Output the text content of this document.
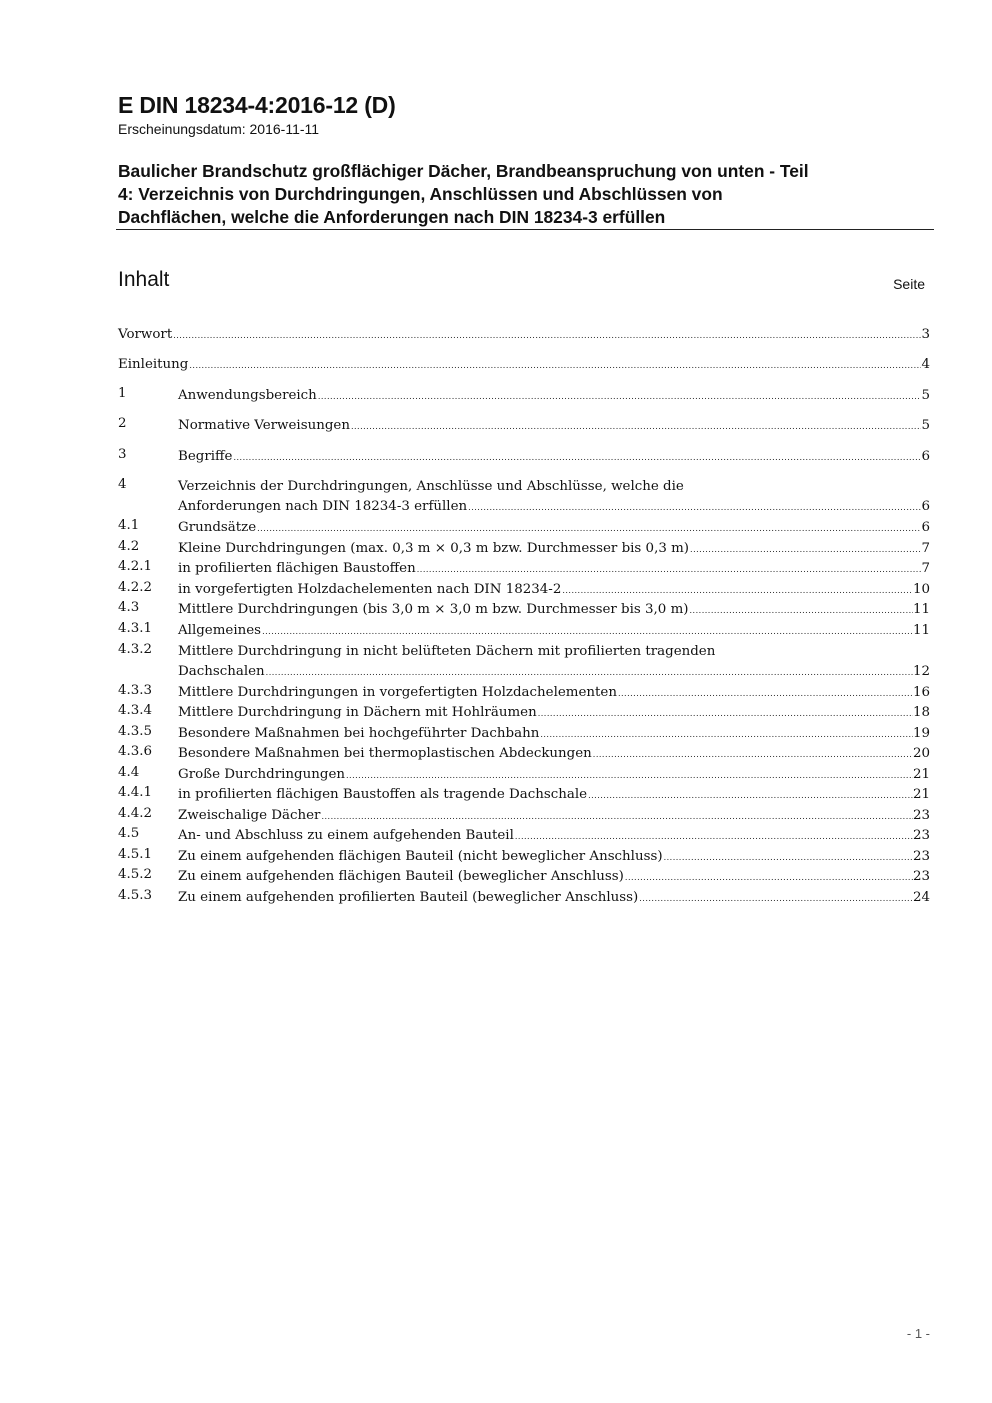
E DIN 18234-4:2016-12 (D)
Erscheinungsdatum: 2016-11-11
Baulicher Brandschutz großflächiger Dächer, Brandbeanspruchung von unten - Teil
4: Verzeichnis von Durchdringungen, Anschlüssen und Abschlüssen von
Dachflächen, welche die Anforderungen nach DIN 18234-3 erfüllen
Inhalt	Seite
Vorwort .....	3
Einleitung .....	4
1	Anwendungsbereich .....	5
2	Normative Verweisungen .....	5
3	Begriffe .....	6
4	Verzeichnis der Durchdringungen, Anschlüsse und Abschlüsse, welche die
Anforderungen nach DIN 18234-3 erfüllen .....	6
4.1	Grundsätze .....	6
4.2	Kleine Durchdringungen (max. 0,3 m × 0,3 m bzw. Durchmesser bis 0,3 m) .....	7
4.2.1 in profilierten flächigen Baustoffen .....	7
4.2.2 in vorgefertigten Holzdachelementen nach DIN 18234-2 .....	10
4.3	Mittlere Durchdringungen (bis 3,0 m × 3,0 m bzw. Durchmesser bis 3,0 m) .....	11
4.3.1 Allgemeines .....	11
4.3.2 Mittlere Durchdringung in nicht belüfteten Dächern mit profilierten tragenden
Dachschalen .....	12
4.3.3 Mittlere Durchdringungen in vorgefertigten Holzdachelementen .....	16
4.3.4 Mittlere Durchdringung in Dächern mit Hohlräumen .....	18
4.3.5 Besondere Maßnahmen bei hochgeführter Dachbahn .....	19
4.3.6 Besondere Maßnahmen bei thermoplastischen Abdeckungen .....	20
4.4	Große Durchdringungen .....	21
4.4.1 in profilierten flächigen Baustoffen als tragende Dachschale .....	21
4.4.2 Zweischalige Dächer .....	23
4.5	An- und Abschluss zu einem aufgehenden Bauteil .....	23
4.5.1 Zu einem aufgehenden flächigen Bauteil (nicht beweglicher Anschluss) .....	23
4.5.2 Zu einem aufgehenden flächigen Bauteil (beweglicher Anschluss) .....	23
4.5.3 Zu einem aufgehenden profilierten Bauteil (beweglicher Anschluss) .....	24
- 1 -
